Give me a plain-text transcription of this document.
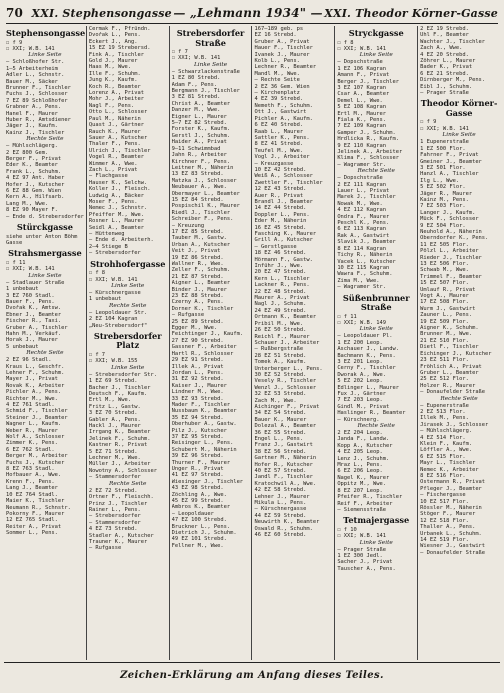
70 XXI. Stephensongasse — „Lehmann 1934" — XXI. Theodor Körner-Gasse
Stephensongasse
☐ f 9
☐ XXI; W.B. 141
Linke Seite
— Schloßhofer Str.
1—5 Arbeiterheim
Adler L., Schnstr.
Bauer M., Säcker
Brunner F., Tischler
Fuchs J., Schlosser
7 EZ 89 Schloßhofer
Grabner A., Pens.
Hanel F., Maurer
Huber R., Amtsdiener
Jäger J., Kaufm.
Kainz J., Tischler
Rechte Seite
— Mühlschlägerg.
2 EZ 800 Gem.
Berger F., Privat
Eder K., Beamter
Frank L., Schuhm.
4 EZ 97 Ant. Haber
Hofer J., Kutscher
6 EZ 88 Gem. Wien
Kern A., Hilfsarb.
Lang M., Wwe.
8 EZ 90 Mayer F.
— Ende d. Strebersdorfer
Stürckgasse
siehe unter Anton Böhm
Gasse
Strahsmergasse
☐ f 11
☐ XXI; W.B. 141
Linke Seite
— Stadlauer Straße
1 unbebaut
3 EZ 760 Stadl.
Bauer F., Pens.
Dvořak K., Amtsw.
Ebner J., Beamter
Fischer R., Taxi.
Gruber A., Tischler
Hahn M., Verkäuf.
Horak J., Maurer
5 unbebaut
Rechte Seite
2 EZ 96 Stadl.
Kraus L., Geschfr.
Lehner F., Schuhm.
Mayer J., Privat
Novak K., Arbeiter
Pichler A., Pens.
Richter M., Wwe.
4 EZ 761 Stadl.
Schmid F., Tischler
Steiner J., Beamter
Wagner L., Kaufm.
Weber R., Maurer
Wolf A., Schlosser
Zimmer K., Pens.
6 EZ 762 Stadl.
Berger M., Arbeiter
Fuchs J., Kutscher
8 EZ 763 Stadl.
Hofbauer A., Wwe.
Krenn F., Pens.
Lang J., Beamter
10 EZ 764 Stadl.
Maier K., Tischler
Neumann R., Schnstr.
Pokorny F., Maurer
12 EZ 765 Stadl.
Reiter A., Privat
Sommer L., Pens.
Cermak F., Pfründn.
Dvořak L., Pens.
Eckert J., Ang.
15 EZ 19 Strebersd.
Fink A., Tischler
Gold J., Maurer
Haas M., Wwe.
Ille F., Schuhm.
Jung K., Kaufm.
Koch R., Beamter
Lorenz A., Privat
Mohr J., Arbeiter
Nagl F., Pens.
Otto L., Schlosser
Paul M., Näherin
Quast J., Gärtner
Rauch K., Maurer
Sauer A., Kutscher
Thaler F., Pens.
Ulrich J., Tischler
Vogel R., Beamter
Wimmer A., Wwe.
Zach L., Privat
— Flachgasse
Hauser K., Selchw.
Koller J., Fleisch.
Ludwig A., Bäcker
Moser F., Pens.
Nemec J., Schnstr.
Pfeiffer M., Wwe.
Rosner L., Maurer
Seidl A., Beamter
— Hüttenweg
— Ende d. Arbeiterh.
2—4 Stiege B
— Strebersdorfer
Strohhofergasse
☐ f 8
☐ XXI; W.B. 141
Linke Seite
— Kürschnergasse
1 unbebaut
Rechte Seite
— Leopoldauer Str.
2 EZ 104 Kagran
„Neu-Strebersdorf"
Strebersdorfer Platz
☐ f 7
☐ XXI; W.B. 155
Linke Seite
— Strebersdorfer Str.
1 EZ 69 Strebd.
Bacher J., Tischler
Deutsch F., Kaufm.
Ertl M., Wwe.
Fritz L., Gastw.
3 EZ 70 Strebd.
Gabler A., Pens.
Hackl J., Maurer
Irrgang K., Beamter
Jelinek F., Schuhm.
Kastner R., Privat
5 EZ 71 Strebd.
Lechner M., Wwe.
Müller J., Arbeiter
Nowotny A., Schlosser
— Stammersdorfer
Rechte Seite
2 EZ 72 Strebd.
Ortner F., Fleischh.
Prinz J., Tischler
Rainer L., Pens.
— Strebersdorfer
— Stammersdorfer
4 EZ 73 Strebd.
Stadler A., Kutscher
Trauner K., Maurer
— Rufgasse
Strebersdorfer Straße
☐ f 7
☐ XXI; W.B. 141
Linke Seite
— Schwarzlackenstraße
1 EZ 80 Strebd.
Adam F., Pens.
Bergmann J., Tischler
3 EZ 81 Strebd.
Christ A., Beamter
Danzer M., Wwe.
Eigner L., Maurer
5—7 EZ 82 Strebd.
Forster K., Kaufm.
Gerstl J., Schuhm.
Haider A., Privat
9—11 Schwimmbad
Jahn R., Arbeiter
Kirchner F., Pens.
Leitner M., Näherin
13 EZ 83 Strebd.
Matzka J., Schlosser
Neubauer A., Wwe.
Obermayer L., Beamter
15 EZ 84 Strebd.
Pospischil K., Maurer
Riedl J., Tischler
Schreiber F., Pens.
— Kreuzung
17 EZ 85 Strebd.
Tauber M., Gastw.
Urban A., Kutscher
Veit J., Privat
19 EZ 86 Strebd.
Wallner R., Wwe.
Zeller F., Schuhm.
21 EZ 87 Strebd.
Aigner L., Beamter
Binder J., Maurer
23 EZ 88 Strebd.
Czerny A., Pens.
Dorner K., Tischler
— Rufgasse
25 EZ 89 Strebd.
Egger M., Wwe.
Feichtinger J., Kaufm.
27 EZ 90 Strebd.
Gassner F., Arbeiter
Hartl R., Schlosser
29 EZ 91 Strebd.
Illek A., Privat
Jordan L., Pens.
31 EZ 92 Strebd.
Kaiser J., Maurer
Lindner M., Wwe.
33 EZ 93 Strebd.
Mader F., Tischler
Nussbaum K., Beamter
35 EZ 94 Strebd.
Oberhuber A., Gastw.
Pilz J., Kutscher
37 EZ 95 Strebd.
Reisinger L., Pens.
Schubert M., Näherin
39 EZ 96 Strebd.
Thurner F., Maurer
Unger R., Privat
41 EZ 97 Strebd.
Wiesinger J., Tischler
43 EZ 98 Strebd.
Zöchling A., Wwe.
45 EZ 99 Strebd.
Ambros K., Beamter
— Leopoldauer
47 EZ 100 Strebd.
Bruckner L., Pens.
Dietrich J., Schuhm.
49 EZ 101 Strebd.
Fellner M., Wwe.
167—189 geb. ps
EZ 16 Strebd.
Gruber A., Privat
Hauer F., Tischler
Ivanek J., Maurer
Kolb L., Pens.
Lechner R., Beamter
Mandl M., Wwe.
— Rechte Seite
2 EZ 36 Gem. Wien
— Kirchenplatz
4 EZ 39 Strebd.
Nemeth F., Schuhm.
Ott J., Gastwirt
Pichler A., Kaufm.
6 EZ 40 Strebd.
Raab L., Maurer
Sattler K., Pens.
8 EZ 41 Strebd.
Teufel M., Wwe.
Vogl J., Arbeiter
— Kreuzgasse
10 EZ 42 Strebd.
Weiß A., Schlosser
Zwettler F., Tischler
12 EZ 43 Strebd.
Auer R., Privat
Brandl J., Beamter
14 EZ 44 Strebd.
Doppler L., Pens.
Eder M., Näherin
16 EZ 45 Strebd.
Fasching K., Maurer
Grill A., Kutscher
— Gerstlgasse
18 EZ 46 Strebd.
Hörmann F., Gastw.
Inführ J., Wwe.
20 EZ 47 Strebd.
Kern L., Tischler
Lackner R., Pens.
22 EZ 48 Strebd.
Maurer A., Privat
Nagl J., Schuhm.
24 EZ 49 Strebd.
Ortmann K., Beamter
Pribil M., Wwe.
26 EZ 50 Strebd.
Reichl F., Maurer
Schauer J., Arbeiter
— Rußbergstraße
28 EZ 51 Strebd.
Tomek A., Kaufm.
Unterberger L., Pens.
30 EZ 52 Strebd.
Vesely R., Tischler
Wenzl J., Schlosser
32 EZ 53 Strebd.
Zach M., Wwe.
Aichinger F., Privat
34 EZ 54 Strebd.
Bauer K., Maurer
Dolezal A., Beamter
36 EZ 55 Strebd.
Engel L., Pens.
Franz J., Gastwirt
38 EZ 56 Strebd.
Gartner M., Näherin
Hofer R., Kutscher
40 EZ 57 Strebd.
Jandl F., Tischler
Kratochwil A., Wwe.
42 EZ 58 Strebd.
Lehner J., Maurer
Mikula L., Pens.
— Kürschnergasse
44 EZ 59 Strebd.
Neuwirth K., Beamter
Oswald R., Schuhm.
46 EZ 60 Strebd.
Stryckgasse
☐ f 8
☐ XXI; W.B. 141
Linke Seite
— Dopschstraße
1 EZ 106 Kagran
Amann F., Privat
Berger J., Tischler
3 EZ 107 Kagran
Csar A., Beamter
Demel L., Wwe.
5 EZ 108 Kagran
Ertl M., Maurer
Fiala K., Pens.
7 EZ 109 Kagran
Gamper J., Schuhm.
Hrdlicka R., Kaufm.
9 EZ 110 Kagran
Jelinek A., Arbeiter
Klima F., Schlosser
— Wagramer Str.
Rechte Seite
— Dopschstraße
2 EZ 111 Kagran
Lauer L., Privat
Marek J., Tischler
Nowak M., Wwe.
4 EZ 112 Kagran
Ondra F., Maurer
Peschl K., Pens.
6 EZ 113 Kagran
Rak A., Gastwirt
Slavik J., Beamter
8 EZ 114 Kagran
Tichy R., Näherin
Vacek L., Kutscher
10 EZ 115 Kagran
Wawra F., Schuhm.
Zima M., Wwe.
— Wagramer Str.
Süßenbrunner Straße
☐ f 11
☐ XXI; W.B. 149
Linke Seite
— Leopoldauer Pl.
1 EZ 200 Leop.
Aschauer J., Landw.
Bachmann K., Pens.
3 EZ 201 Leop.
Cerny F., Tischler
Dworak A., Wwe.
5 EZ 202 Leop.
Edlinger L., Maurer
Fux J., Gärtner
7 EZ 203 Leop.
Gindl M., Privat
Haslinger R., Beamter
— Kürschnerg.
Rechte Seite
2 EZ 204 Leop.
Janda F., Landw.
Kopp A., Kutscher
4 EZ 205 Leop.
Lenz J., Schuhm.
Mraz L., Pens.
6 EZ 206 Leop.
Nagel K., Maurer
Oppitz M., Wwe.
8 EZ 207 Leop.
Pfeifer R., Tischler
Reif F., Arbeiter
— Siemensstraße
Tetmajergasse
☐ f 10
☐ XXI; W.B. 141
Linke Seite
— Prager Straße
1 EZ 300 Jedl.
Sacher J., Privat
Tauscher A., Pens.
2 EZ 19 Strebd.
Uhl F., Beamter
Wachter J., Tischler
Zach A., Wwe.
4 EZ 20 Strebd.
Zöhrer L., Maurer
Bader K., Privat
6 EZ 21 Strebd.
Dirnberger M., Pens.
Eibl J., Schuhm.
— Prager Straße
Theodor Körner-Gasse
☐ f 9
☐ XXI; W.B. 141
Linke Seite
1 Eupenerstraße
1 EZ 500 Flor.
Fahrner F., Privat
Gmeiner J., Beamter
3 EZ 501 Flor.
Hanzl A., Tischler
Ilg L., Wwe.
5 EZ 502 Flor.
Jäger R., Maurer
Kainz M., Pens.
7 EZ 503 Flor.
Langer J., Kaufm.
Mück F., Schlosser
9 EZ 504 Flor.
Neuhold A., Näherin
Oberndorfer K., Pens.
11 EZ 505 Flor.
Pölzl L., Arbeiter
Rieder J., Tischler
13 EZ 506 Flor.
Schwab M., Wwe.
Trimmel F., Beamter
15 EZ 507 Flor.
Umlauf R., Privat
Vogt A., Maurer
17 EZ 508 Flor.
Wurm J., Gastwirt
Zauner L., Pens.
19 EZ 509 Flor.
Aigner K., Schuhm.
Brunner M., Wwe.
21 EZ 510 Flor.
Dietl F., Tischler
Eichinger J., Kutscher
23 EZ 511 Flor.
Fröhlich A., Privat
Gruber L., Beamter
25 EZ 512 Flor.
Holzer R., Maurer
— Donaufelder Straße
Rechte Seite
— Eupenerstraße
2 EZ 513 Flor.
Illek M., Pens.
Jirasek J., Schlosser
— Mühlschlägerg.
4 EZ 514 Flor.
Klein F., Kaufm.
Löffler A., Wwe.
6 EZ 515 Flor.
Mayr L., Tischler
Nemec K., Arbeiter
8 EZ 516 Flor.
Ostermann R., Privat
Pfleger J., Beamter
— Fischergasse
10 EZ 517 Flor.
Rössler M., Näherin
Stöger F., Maurer
12 EZ 518 Flor.
Thaller A., Pens.
Urbanek L., Schuhm.
14 EZ 519 Flor.
Wiesner J., Gastwirt
— Donaufelder Straße
Zeichen-Erklärung am Anfang dieses Teiles.
